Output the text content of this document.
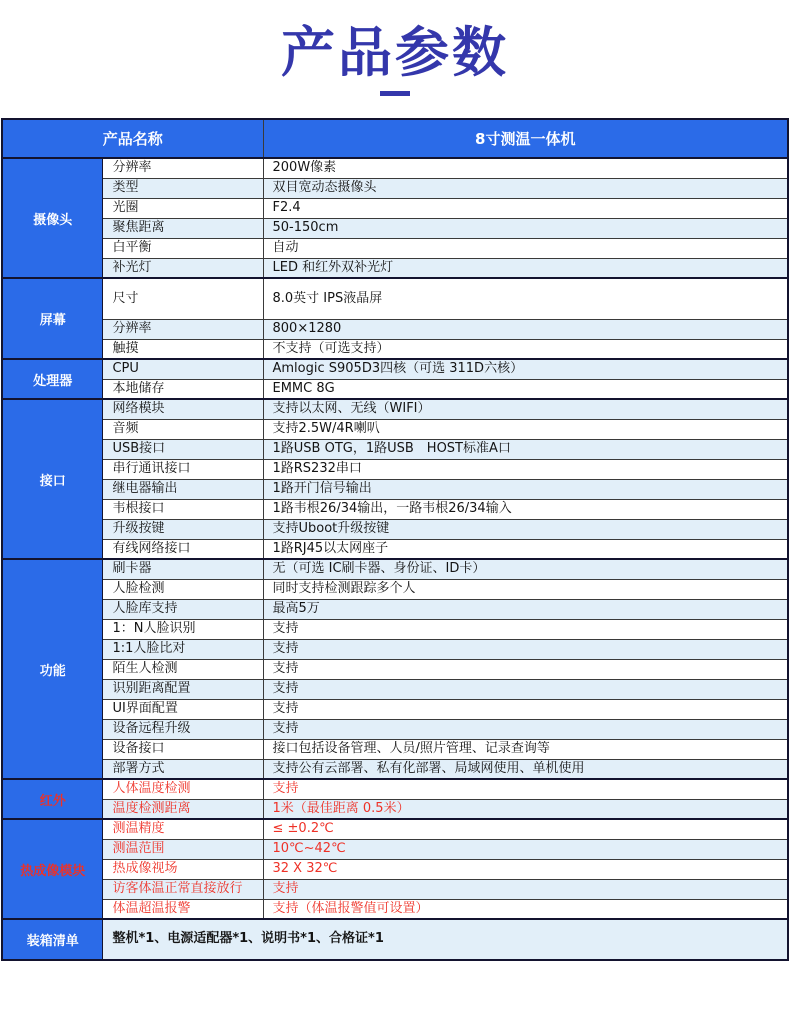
产品参数
产品名称		8寸测温一体机
摄像头	分辨率	200W像素
	类型	双目宽动态摄像头
	光圈	F2.4
	聚焦距离	50-150cm
	白平衡	自动
	补光灯	LED 和红外双补光灯
屏幕	尺寸	8.0英寸 IPS液晶屏
	分辨率	800×1280
	触摸	不支持（可选支持）
处理器	CPU	Amlogic S905D3四核（可选 311D六核）
	本地储存	EMMC 8G
接口	网络模块	支持以太网、无线（WIFI）
	音频	支持2.5W/4R喇叭
	USB接口	1路USB OTG，1路USB　HOST标准A口
	串行通讯接口	1路RS232串口
	继电器输出	1路开门信号输出
	韦根接口	1路韦根26/34输出，一路韦根26/34输入
	升级按键	支持Uboot升级按键
	有线网络接口	1路RJ45以太网座子
功能	刷卡器	无（可选 IC刷卡器、身份证、ID卡）
	人脸检测	同时支持检测跟踪多个人
	人脸库支持	最高5万
	1：N人脸识别	支持
	1:1人脸比对	支持
	陌生人检测	支持
	识别距离配置	支持
	UI界面配置	支持
	设备远程升级	支持
	设备接口	接口包括设备管理、人员/照片管理、记录查询等
	部署方式	支持公有云部署、私有化部署、局域网使用、单机使用
红外	人体温度检测	支持
	温度检测距离	1米（最佳距离 0.5米）
热成像模块	测温精度	≤ ±0.2℃
	测温范围	10℃~42℃
	热成像视场	32 X 32℃
	访客体温正常直接放行	支持
	体温超温报警	支持（体温报警值可设置）
装箱清单	整机*1、电源适配器*1、说明书*1、合格证*1	
